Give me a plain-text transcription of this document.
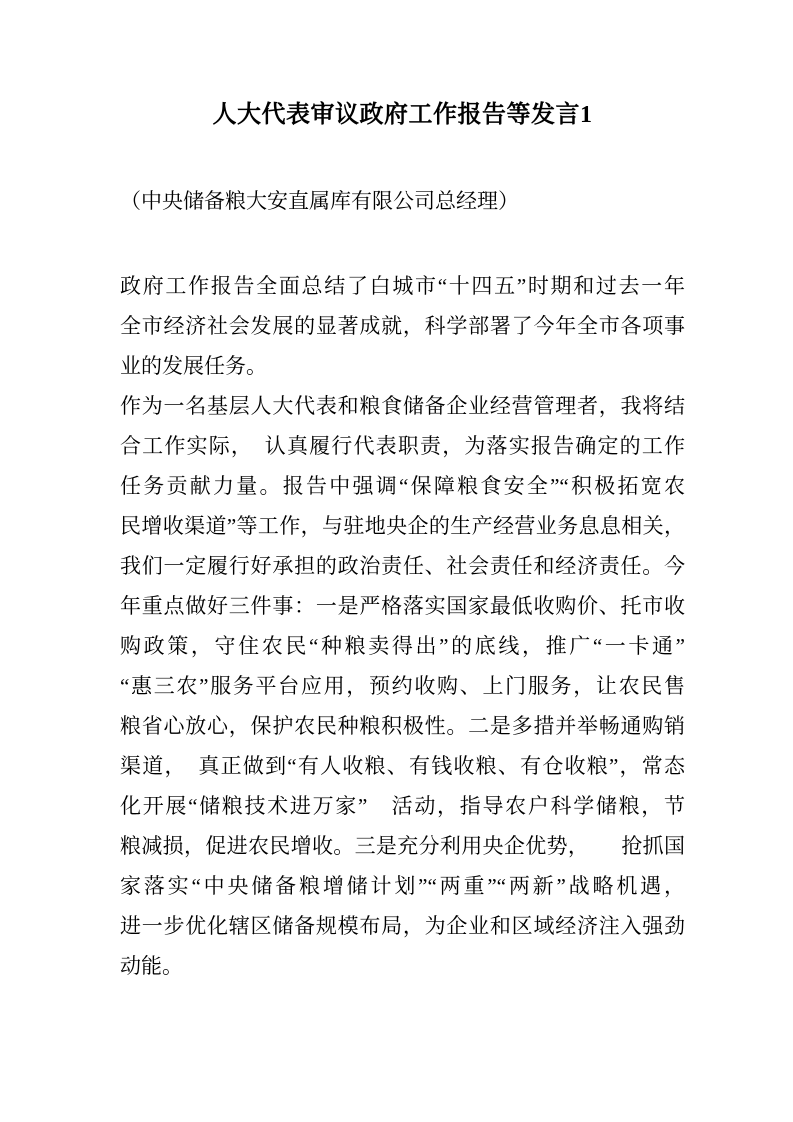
人大代表审议政府工作报告等发言1
（中央储备粮大安直属库有限公司总经理）
政府工作报告全面总结了白城市“十四五”时期和过去一年
全市经济社会发展的显著成就，科学部署了今年全市各项事
业的发展任务。
作为一名基层人大代表和粮食储备企业经营管理者，我将结
合工作实际，　认真履行代表职责，为落实报告确定的工作
任务贡献力量。报告中强调“保障粮食安全”“积极拓宽农
民增收渠道”等工作，与驻地央企的生产经营业务息息相关，
我们一定履行好承担的政治责任、社会责任和经济责任。今
年重点做好三件事：一是严格落实国家最低收购价、托市收
购政策，守住农民“种粮卖得出”的底线，推广“一卡通”
“惠三农”服务平台应用，预约收购、上门服务，让农民售
粮省心放心，保护农民种粮积极性。二是多措并举畅通购销
渠道，　真正做到“有人收粮、有钱收粮、有仓收粮”，常态
化开展“储粮技术进万家”　活动，指导农户科学储粮，节
粮减损，促进农民增收。三是充分利用央企优势，　　抢抓国
家落实“中央储备粮增储计划”“两重”“两新”战略机遇，
进一步优化辖区储备规模布局，为企业和区域经济注入强劲
动能。
